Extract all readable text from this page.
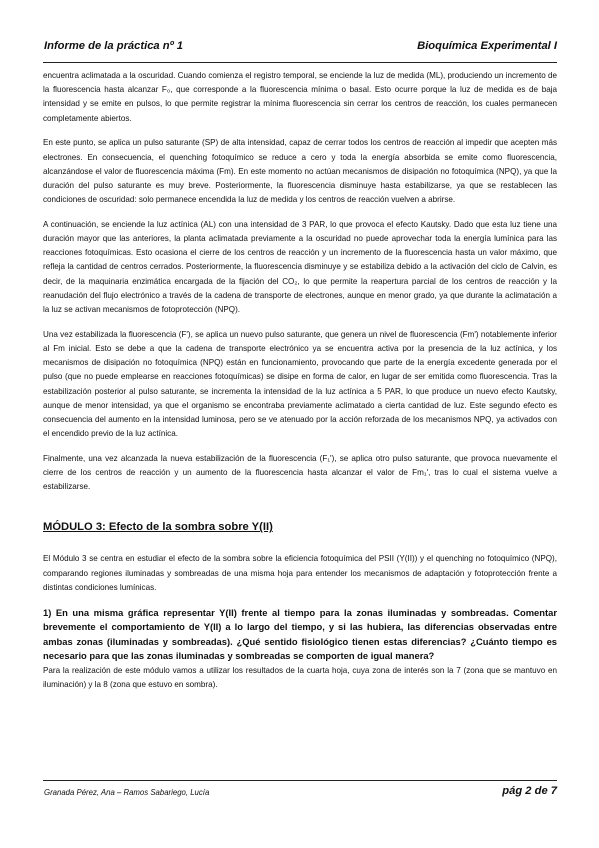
Informe de la práctica nº 1	Bioquímica Experimental I

encuentra aclimatada a la oscuridad. Cuando comienza el registro temporal, se enciende la luz de medida (ML), produciendo un incremento de la fluorescencia hasta alcanzar F₀, que corresponde a la fluorescencia mínima o basal. Esto ocurre porque la luz de medida es de baja intensidad y se emite en pulsos, lo que permite registrar la mínima fluorescencia sin cerrar los centros de reacción, los cuales permanecen completamente abiertos.

En este punto, se aplica un pulso saturante (SP) de alta intensidad, capaz de cerrar todos los centros de reacción al impedir que acepten más electrones. En consecuencia, el quenching fotoquímico se reduce a cero y toda la energía absorbida se emite como fluorescencia, alcanzándose el valor de fluorescencia máxima (Fm). En este momento no actúan mecanismos de disipación no fotoquímica (NPQ), ya que la duración del pulso saturante es muy breve. Posteriormente, la fluorescencia disminuye hasta estabilizarse, ya que se restablecen las condiciones de oscuridad: solo permanece encendida la luz de medida y los centros de reacción vuelven a abrirse.

A continuación, se enciende la luz actínica (AL) con una intensidad de 3 PAR, lo que provoca el efecto Kautsky. Dado que esta luz tiene una duración mayor que las anteriores, la planta aclimatada previamente a la oscuridad no puede aprovechar toda la energía lumínica para las reacciones fotoquímicas. Esto ocasiona el cierre de los centros de reacción y un incremento de la fluorescencia hasta un valor máximo, que refleja la cantidad de centros cerrados. Posteriormente, la fluorescencia disminuye y se estabiliza debido a la activación del ciclo de Calvin, es decir, de la maquinaria enzimática encargada de la fijación del CO₂, lo que permite la reapertura parcial de los centros de reacción y la reanudación del flujo electrónico a través de la cadena de transporte de electrones, aunque en menor grado, ya que durante la aclimatación a la luz se activan mecanismos de fotoprotección (NPQ).

Una vez estabilizada la fluorescencia (F'), se aplica un nuevo pulso saturante, que genera un nivel de fluorescencia (Fm') notablemente inferior al Fm inicial. Esto se debe a que la cadena de transporte electrónico ya se encuentra activa por la presencia de la luz actínica, y los mecanismos de disipación no fotoquímica (NPQ) están en funcionamiento, provocando que parte de la energía excedente generada por el pulso (que no puede emplearse en reacciones fotoquímicas) se disipe en forma de calor, en lugar de ser emitida como fluorescencia. Tras la estabilización posterior al pulso saturante, se incrementa la intensidad de la luz actínica a 5 PAR, lo que produce un nuevo efecto Kautsky, aunque de menor intensidad, ya que el organismo se encontraba previamente aclimatado a cierta cantidad de luz. Este segundo efecto es consecuencia del aumento en la intensidad luminosa, pero se ve atenuado por la acción reforzada de los mecanismos NPQ, ya activados con el encendido previo de la luz actínica.

Finalmente, una vez alcanzada la nueva estabilización de la fluorescencia (F₁'), se aplica otro pulso saturante, que provoca nuevamente el cierre de los centros de reacción y un aumento de la fluorescencia hasta alcanzar el valor de Fm₁', tras lo cual el sistema vuelve a estabilizarse.

MÓDULO 3: Efecto de la sombra sobre Y(II)

El Módulo 3 se centra en estudiar el efecto de la sombra sobre la eficiencia fotoquímica del PSII (Y(II)) y el quenching no fotoquímico (NPQ), comparando regiones iluminadas y sombreadas de una misma hoja para entender los mecanismos de adaptación y fotoprotección frente a distintas condiciones lumínicas.

1) En una misma gráfica representar Y(II) frente al tiempo para la zonas iluminadas y sombreadas. Comentar brevemente el comportamiento de Y(II) a lo largo del tiempo, y si las hubiera, las diferencias observadas entre ambas zonas (iluminadas y sombreadas). ¿Qué sentido fisiológico tienen estas diferencias? ¿Cuánto tiempo es necesario para que las zonas iluminadas y sombreadas se comporten de igual manera?

Para la realización de este módulo vamos a utilizar los resultados de la cuarta hoja, cuya zona de interés son la 7 (zona que se mantuvo en iluminación) y la 8 (zona que estuvo en sombra).

Granada Pérez, Ana – Ramos Sabariego, Lucía	pág 2 de 7
